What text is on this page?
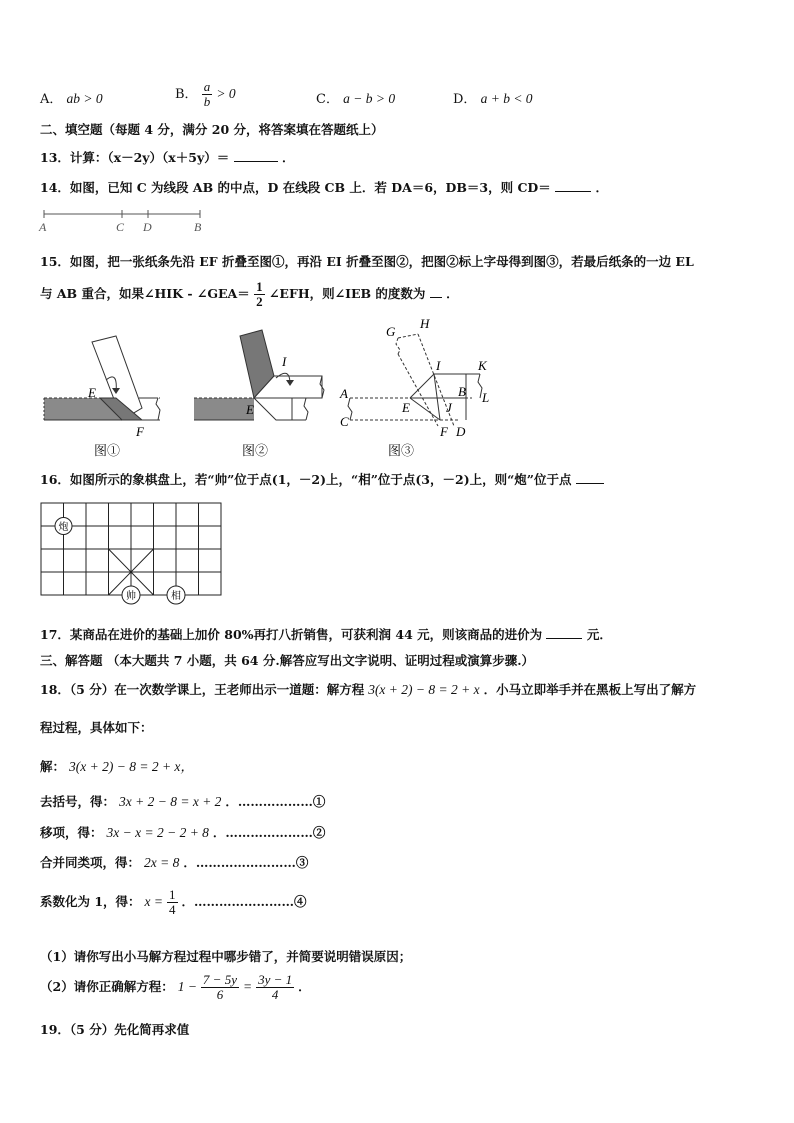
A． ab > 0	B． $\frac{a}{b} > 0$	C． a − b > 0	D． a + b < 0
二、填空题（每题 4 分，满分 20 分，将答案填在答题纸上）
13．计算：（x－2y）（x＋5y）＝	．
14．如图，已知 C 为线段 AB 的中点，D 在线段 CB 上．若 DA＝6，DB＝3，则 CD＝	．
A	C D	B
15．如图，把一张纸条先沿 EF 折叠至图①，再沿 EI 折叠至图②，把图②标上字母得到图③，若最后纸条的一边 EL
与 AB 重合，如果∠HIK - ∠GEA＝ $\frac{1}{2}$ ∠EFH，则∠IEB 的度数为 ．
E
F
图①
I
E
图②
G
H
I	K
A
C
E	J
B L
F D
图③
16．如图所示的象棋盘上，若“帅”位于点(1，－2)上，“相”位于点(3，－2)上，则“炮”位于点
炮
帅	相
17．某商品在进价的基础上加价 80%再打八折销售，可获利润 44 元，则该商品的进价为	元．
三、解答题 （本大题共 7 小题，共 64 分.解答应写出文字说明、证明过程或演算步骤.）
18．（5 分）在一次数学课上，王老师出示一道题：解方程 3(x + 2) − 8 = 2 + x ．小马立即举手并在黑板上写出了解方
程过程，具体如下：
解： 3(x + 2) − 8 = 2 + x，
去括号，得： 3x + 2 − 8 = x + 2 ．………………①
移项，得： 3x − x = 2 − 2 + 8 ．…………………②
合并同类项，得： 2x = 8 ．……………………③
系数化为 1，得： $x = \frac{1}{4}$ ．……………………④
（1）请你写出小马解方程过程中哪步错了，并简要说明错误原因；
（2）请你正确解方程： $1 - \frac{7 - 5y}{6} = \frac{3y - 1}{4}$ ．
19．（5 分）先化简再求值
